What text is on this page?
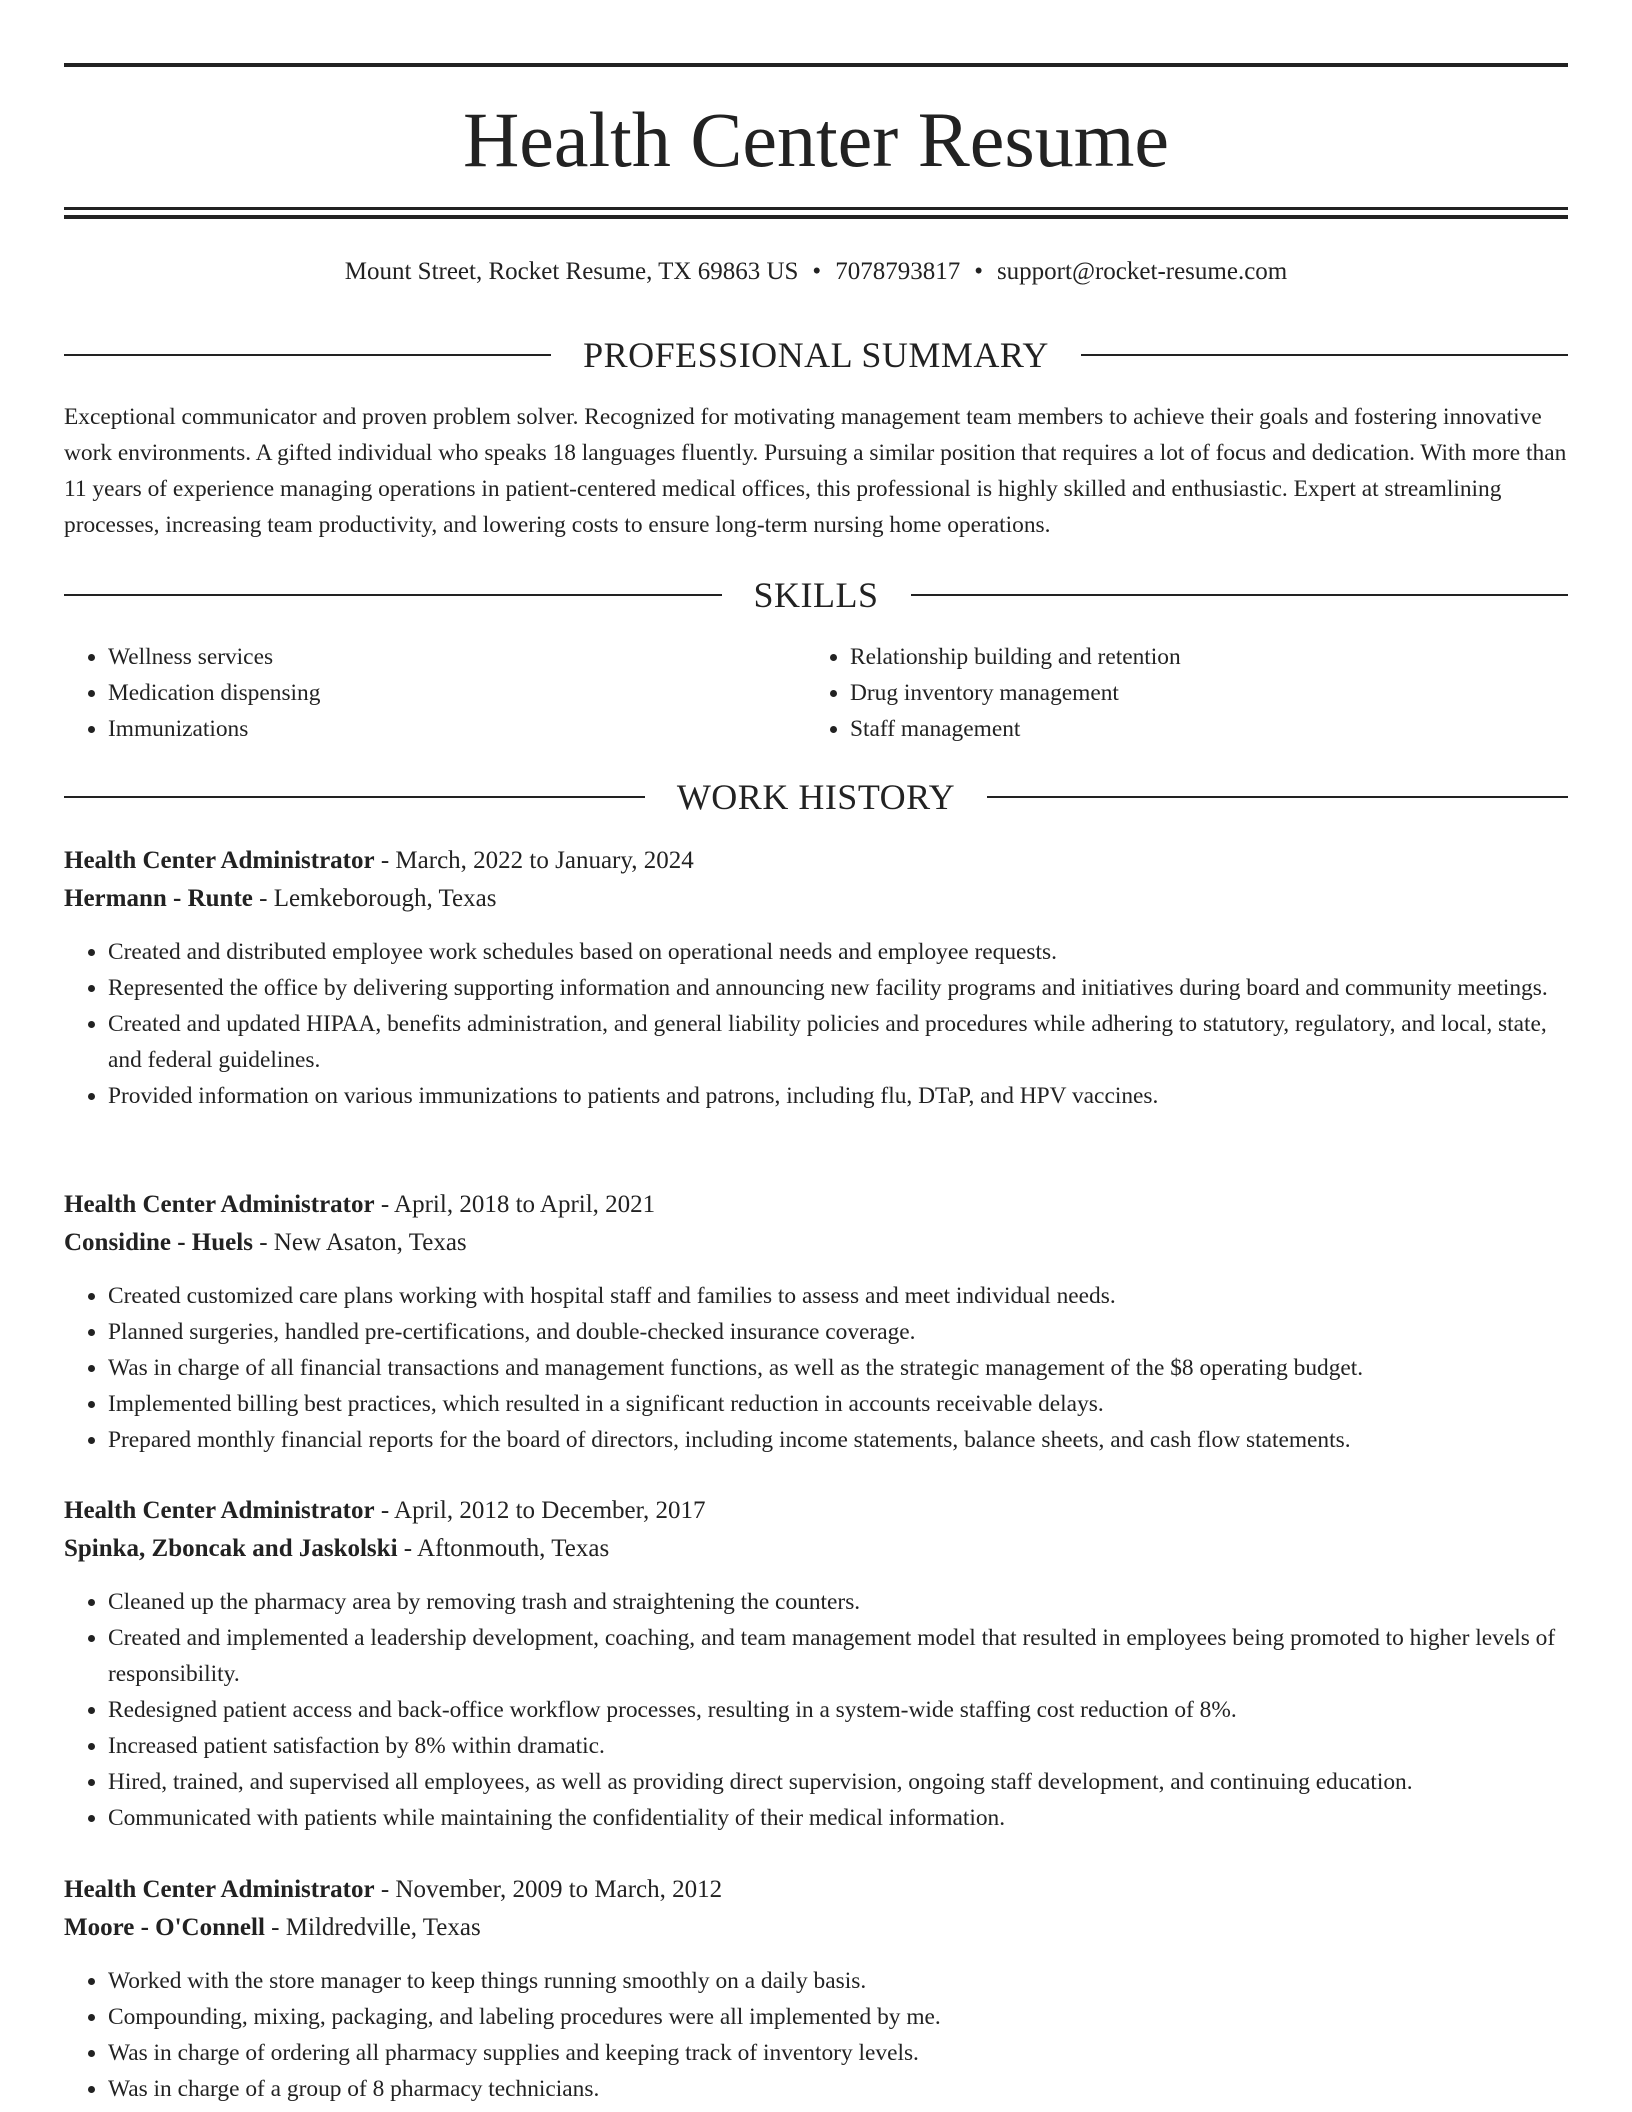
Health Center Resume
Mount Street, Rocket Resume, TX 69863 US • 7078793817 • support@rocket-resume.com
PROFESSIONAL SUMMARY

Exceptional communicator and proven problem solver. Recognized for motivating management team members to achieve their goals and fostering innovative work environments. A gifted individual who speaks 18 languages fluently. Pursuing a similar position that requires a lot of focus and dedication. With more than 11 years of experience managing operations in patient-centered medical offices, this professional is highly skilled and enthusiastic. Expert at streamlining processes, increasing team productivity, and lowering costs to ensure long-term nursing home operations.

SKILLS
• Wellness services
• Medication dispensing
• Immunizations
• Relationship building and retention
• Drug inventory management
• Staff management
WORK HISTORY
Health Center Administrator - March, 2022 to January, 2024
Hermann - Runte - Lemkeborough, Texas
• Created and distributed employee work schedules based on operational needs and employee requests.
• Represented the office by delivering supporting information and announcing new facility programs and initiatives during board and community meetings.
• Created and updated HIPAA, benefits administration, and general liability policies and procedures while adhering to statutory, regulatory, and local, state, and federal guidelines.
• Provided information on various immunizations to patients and patrons, including flu, DTaP, and HPV vaccines.
Health Center Administrator - April, 2018 to April, 2021
Considine - Huels - New Asaton, Texas
• Created customized care plans working with hospital staff and families to assess and meet individual needs.
• Planned surgeries, handled pre-certifications, and double-checked insurance coverage.
• Was in charge of all financial transactions and management functions, as well as the strategic management of the $8 operating budget.
• Implemented billing best practices, which resulted in a significant reduction in accounts receivable delays.
• Prepared monthly financial reports for the board of directors, including income statements, balance sheets, and cash flow statements.
Health Center Administrator - April, 2012 to December, 2017
Spinka, Zboncak and Jaskolski - Aftonmouth, Texas
• Cleaned up the pharmacy area by removing trash and straightening the counters.
• Created and implemented a leadership development, coaching, and team management model that resulted in employees being promoted to higher levels of responsibility.
• Redesigned patient access and back-office workflow processes, resulting in a system-wide staffing cost reduction of 8%.
• Increased patient satisfaction by 8% within dramatic.
• Hired, trained, and supervised all employees, as well as providing direct supervision, ongoing staff development, and continuing education.
• Communicated with patients while maintaining the confidentiality of their medical information.
Health Center Administrator - November, 2009 to March, 2012
Moore - O'Connell - Mildredville, Texas
• Worked with the store manager to keep things running smoothly on a daily basis.
• Compounding, mixing, packaging, and labeling procedures were all implemented by me.
• Was in charge of ordering all pharmacy supplies and keeping track of inventory levels.
• Was in charge of a group of 8 pharmacy technicians.
